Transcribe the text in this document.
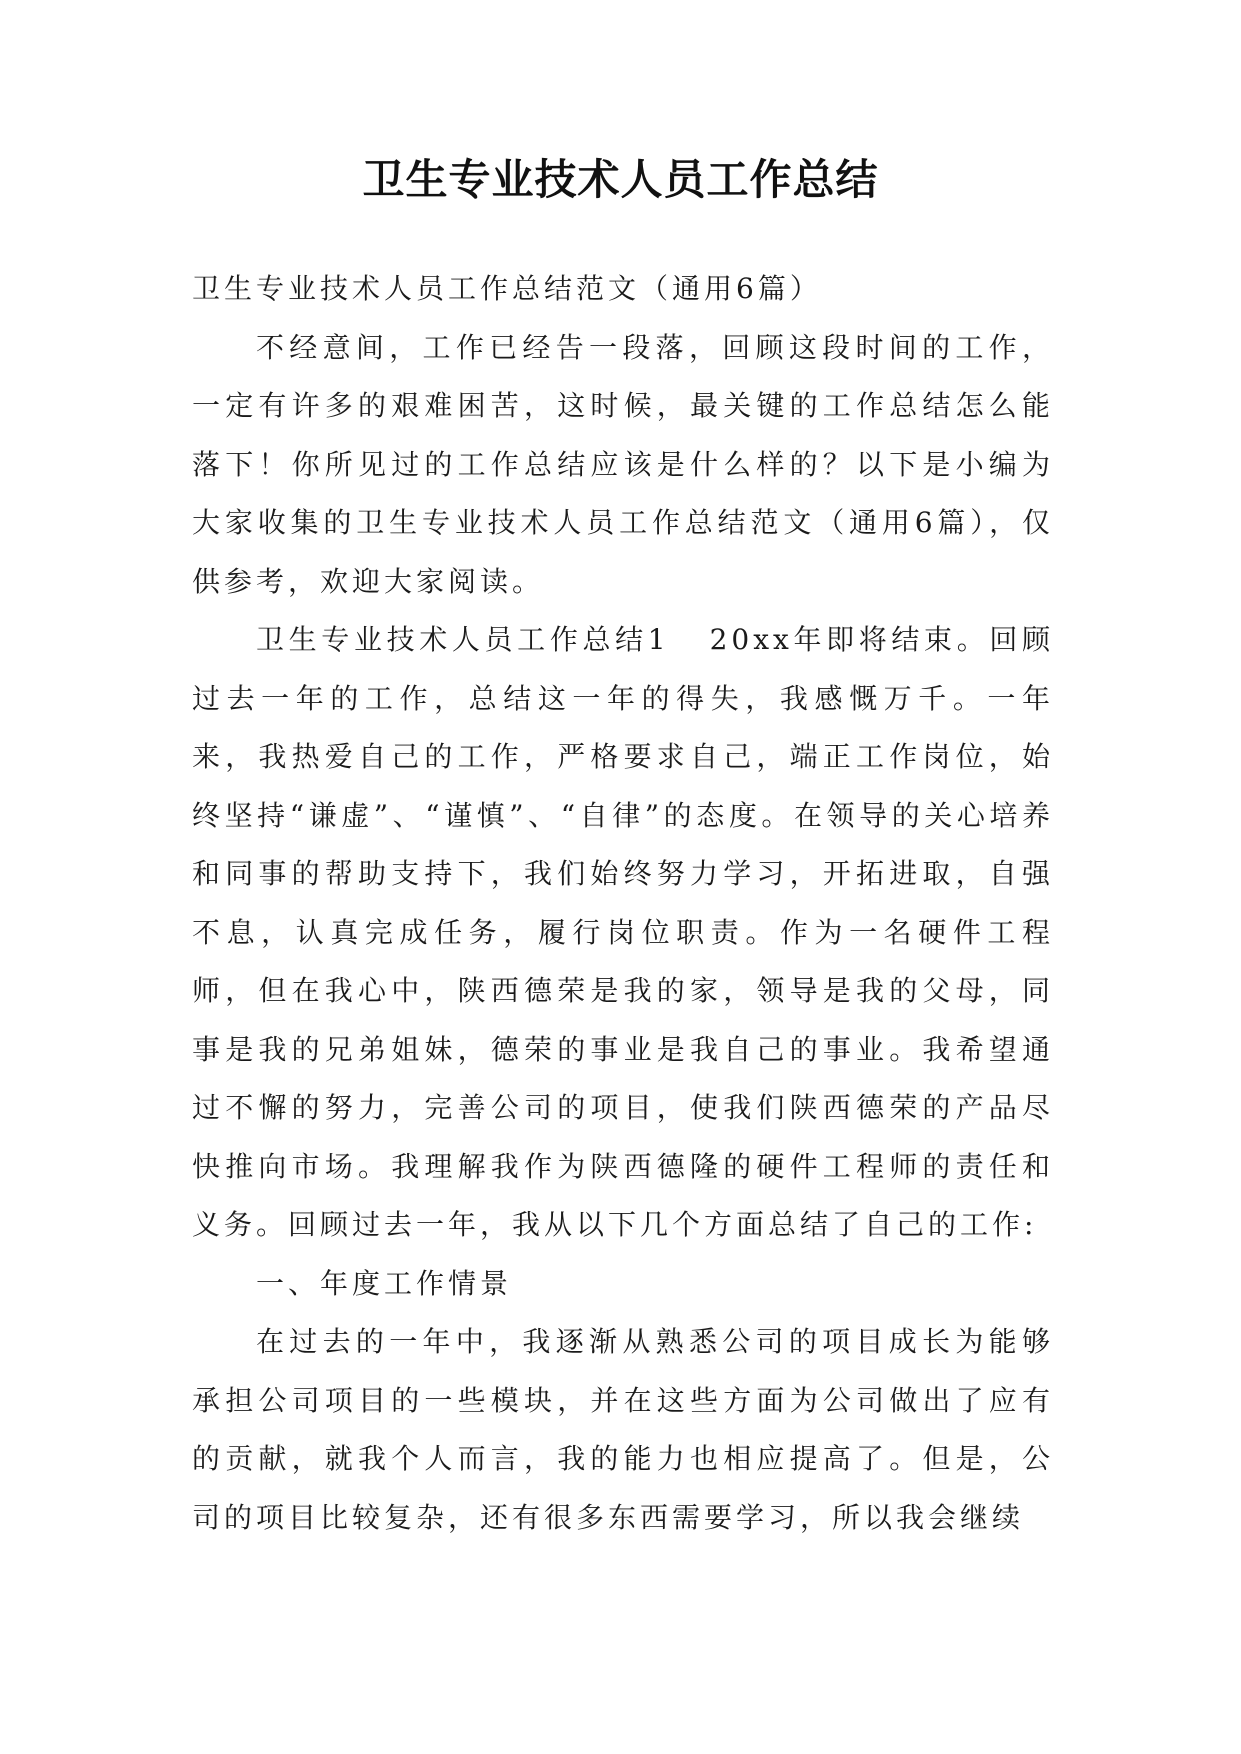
卫生专业技术人员工作总结

卫生专业技术人员工作总结范文（通用6篇）

不经意间，工作已经告一段落，回顾这段时间的工作，一定有许多的艰难困苦，这时候，最关键的工作总结怎么能落下！你所见过的工作总结应该是什么样的？以下是小编为大家收集的卫生专业技术人员工作总结范文（通用6篇），仅供参考，欢迎大家阅读。

卫生专业技术人员工作总结1 20xx年即将结束。回顾过去一年的工作，总结这一年的得失，我感慨万千。一年来，我热爱自己的工作，严格要求自己，端正工作岗位，始终坚持“谦虚”、“谨慎”、“自律”的态度。在领导的关心培养和同事的帮助支持下，我们始终努力学习，开拓进取，自强不息，认真完成任务，履行岗位职责。作为一名硬件工程师，但在我心中，陕西德荣是我的家，领导是我的父母，同事是我的兄弟姐妹，德荣的事业是我自己的事业。我希望通过不懈的努力，完善公司的项目，使我们陕西德荣的产品尽快推向市场。我理解我作为陕西德隆的硬件工程师的责任和义务。回顾过去一年，我从以下几个方面总结了自己的工作:

一、年度工作情景

在过去的一年中，我逐渐从熟悉公司的项目成长为能够承担公司项目的一些模块，并在这些方面为公司做出了应有的贡献，就我个人而言，我的能力也相应提高了。但是，公司的项目比较复杂，还有很多东西需要学习，所以我会继续
